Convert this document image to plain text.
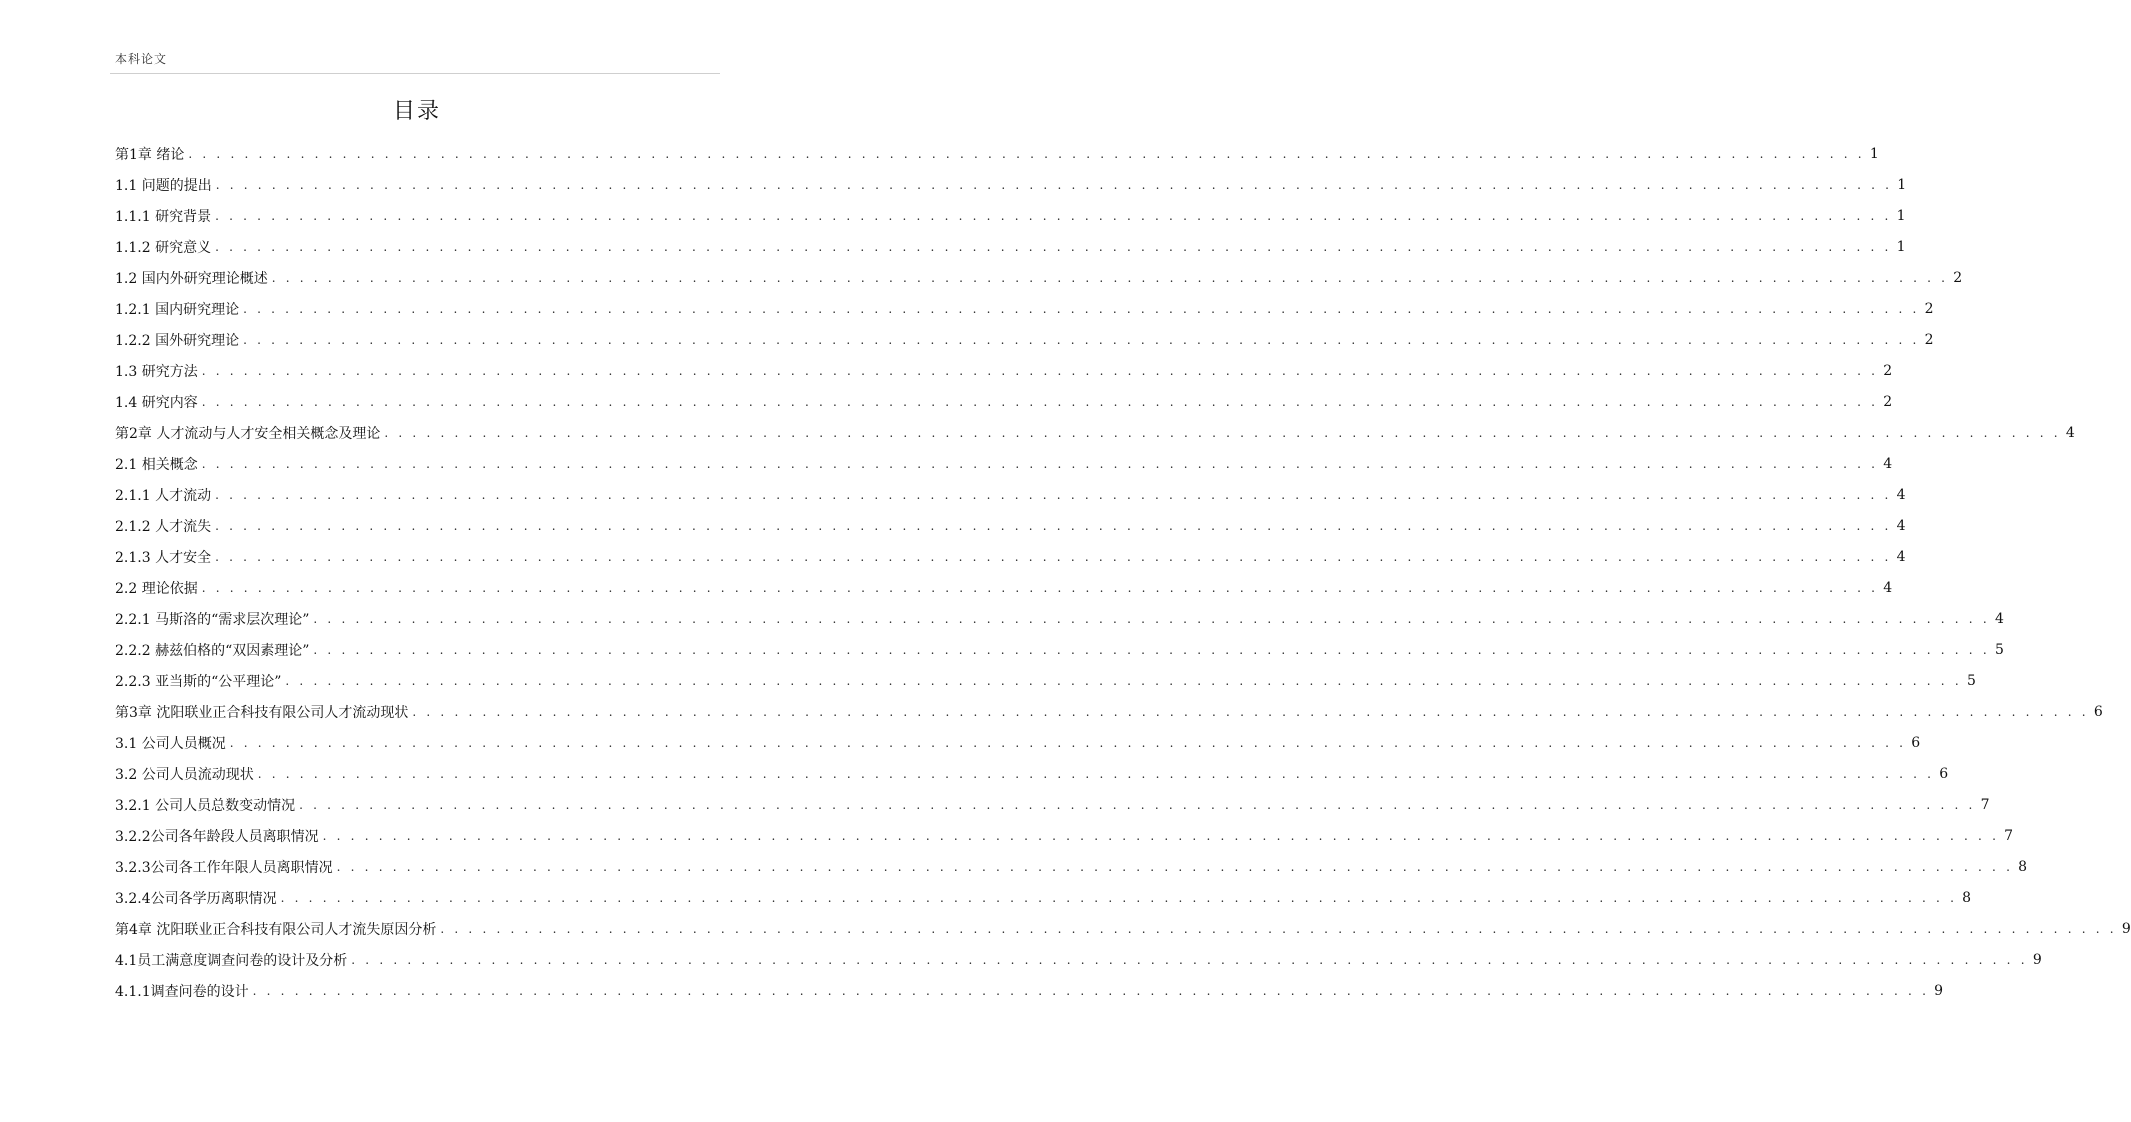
本科论文
目录
第1章 绪论 . . . . . . . . . . . . . . . . . . . . . . . . . . . . . . . . . . . . . . . . . . . . . . . . . . . . . . . . . . . . . . . . . . . . . . . . . . . . . . . . . . . . . . . . . . . . . . . . . . . . . . . . . . . . . . . . . . . . . . . . 1
1.1 问题的提出 . . . . . . . . . . . . . . . . . . . . . . . . . . . . . . . . . . . . . . . . . . . . . . . . . . . . . . . . . . . . . . . . . . . . . . . . . . . . . . . . . . . . . . . . . . . . . . . . . . . . . . . . . . . . . . . . . . . . . . . . 1
1.1.1 研究背景 . . . . . . . . . . . . . . . . . . . . . . . . . . . . . . . . . . . . . . . . . . . . . . . . . . . . . . . . . . . . . . . . . . . . . . . . . . . . . . . . . . . . . . . . . . . . . . . . . . . . . . . . . . . . . . . . . . . . . . . . 1
1.1.2 研究意义 . . . . . . . . . . . . . . . . . . . . . . . . . . . . . . . . . . . . . . . . . . . . . . . . . . . . . . . . . . . . . . . . . . . . . . . . . . . . . . . . . . . . . . . . . . . . . . . . . . . . . . . . . . . . . . . . . . . . . . . . 1
1.2 国内外研究理论概述 . . . . . . . . . . . . . . . . . . . . . . . . . . . . . . . . . . . . . . . . . . . . . . . . . . . . . . . . . . . . . . . . . . . . . . . . . . . . . . . . . . . . . . . . . . . . . . . . . . . . . . . . . . . . . . . . . . . . . . . . 2
1.2.1 国内研究理论 . . . . . . . . . . . . . . . . . . . . . . . . . . . . . . . . . . . . . . . . . . . . . . . . . . . . . . . . . . . . . . . . . . . . . . . . . . . . . . . . . . . . . . . . . . . . . . . . . . . . . . . . . . . . . . . . . . . . . . . . 2
1.2.2 国外研究理论 . . . . . . . . . . . . . . . . . . . . . . . . . . . . . . . . . . . . . . . . . . . . . . . . . . . . . . . . . . . . . . . . . . . . . . . . . . . . . . . . . . . . . . . . . . . . . . . . . . . . . . . . . . . . . . . . . . . . . . . . 2
1.3 研究方法 . . . . . . . . . . . . . . . . . . . . . . . . . . . . . . . . . . . . . . . . . . . . . . . . . . . . . . . . . . . . . . . . . . . . . . . . . . . . . . . . . . . . . . . . . . . . . . . . . . . . . . . . . . . . . . . . . . . . . . . . 2
1.4 研究内容 . . . . . . . . . . . . . . . . . . . . . . . . . . . . . . . . . . . . . . . . . . . . . . . . . . . . . . . . . . . . . . . . . . . . . . . . . . . . . . . . . . . . . . . . . . . . . . . . . . . . . . . . . . . . . . . . . . . . . . . . 2
第2章 人才流动与人才安全相关概念及理论 . . . . . . . . . . . . . . . . . . . . . . . . . . . . . . . . . . . . . . . . . . . . . . . . . . . . . . . . . . . . . . . . . . . . . . . . . . . . . . . . . . . . . . . . . . . . . . . . . . . . . . . . . . . . . . . . . . . . . . . . 4
2.1 相关概念 . . . . . . . . . . . . . . . . . . . . . . . . . . . . . . . . . . . . . . . . . . . . . . . . . . . . . . . . . . . . . . . . . . . . . . . . . . . . . . . . . . . . . . . . . . . . . . . . . . . . . . . . . . . . . . . . . . . . . . . . 4
2.1.1 人才流动 . . . . . . . . . . . . . . . . . . . . . . . . . . . . . . . . . . . . . . . . . . . . . . . . . . . . . . . . . . . . . . . . . . . . . . . . . . . . . . . . . . . . . . . . . . . . . . . . . . . . . . . . . . . . . . . . . . . . . . . . 4
2.1.2 人才流失 . . . . . . . . . . . . . . . . . . . . . . . . . . . . . . . . . . . . . . . . . . . . . . . . . . . . . . . . . . . . . . . . . . . . . . . . . . . . . . . . . . . . . . . . . . . . . . . . . . . . . . . . . . . . . . . . . . . . . . . . 4
2.1.3 人才安全 . . . . . . . . . . . . . . . . . . . . . . . . . . . . . . . . . . . . . . . . . . . . . . . . . . . . . . . . . . . . . . . . . . . . . . . . . . . . . . . . . . . . . . . . . . . . . . . . . . . . . . . . . . . . . . . . . . . . . . . . 4
2.2 理论依据 . . . . . . . . . . . . . . . . . . . . . . . . . . . . . . . . . . . . . . . . . . . . . . . . . . . . . . . . . . . . . . . . . . . . . . . . . . . . . . . . . . . . . . . . . . . . . . . . . . . . . . . . . . . . . . . . . . . . . . . . 4
2.2.1 马斯洛的“需求层次理论” . . . . . . . . . . . . . . . . . . . . . . . . . . . . . . . . . . . . . . . . . . . . . . . . . . . . . . . . . . . . . . . . . . . . . . . . . . . . . . . . . . . . . . . . . . . . . . . . . . . . . . . . . . . . . . . . . . . . . . . . 4
2.2.2 赫兹伯格的“双因素理论” . . . . . . . . . . . . . . . . . . . . . . . . . . . . . . . . . . . . . . . . . . . . . . . . . . . . . . . . . . . . . . . . . . . . . . . . . . . . . . . . . . . . . . . . . . . . . . . . . . . . . . . . . . . . . . . . . . . . . . . . 5
2.2.3 亚当斯的“公平理论” . . . . . . . . . . . . . . . . . . . . . . . . . . . . . . . . . . . . . . . . . . . . . . . . . . . . . . . . . . . . . . . . . . . . . . . . . . . . . . . . . . . . . . . . . . . . . . . . . . . . . . . . . . . . . . . . . . . . . . . . 5
第3章 沈阳联业正合科技有限公司人才流动现状 . . . . . . . . . . . . . . . . . . . . . . . . . . . . . . . . . . . . . . . . . . . . . . . . . . . . . . . . . . . . . . . . . . . . . . . . . . . . . . . . . . . . . . . . . . . . . . . . . . . . . . . . . . . . . . . . . . . . . . . . 6
3.1 公司人员概况 . . . . . . . . . . . . . . . . . . . . . . . . . . . . . . . . . . . . . . . . . . . . . . . . . . . . . . . . . . . . . . . . . . . . . . . . . . . . . . . . . . . . . . . . . . . . . . . . . . . . . . . . . . . . . . . . . . . . . . . . 6
3.2 公司人员流动现状 . . . . . . . . . . . . . . . . . . . . . . . . . . . . . . . . . . . . . . . . . . . . . . . . . . . . . . . . . . . . . . . . . . . . . . . . . . . . . . . . . . . . . . . . . . . . . . . . . . . . . . . . . . . . . . . . . . . . . . . . 6
3.2.1 公司人员总数变动情况 . . . . . . . . . . . . . . . . . . . . . . . . . . . . . . . . . . . . . . . . . . . . . . . . . . . . . . . . . . . . . . . . . . . . . . . . . . . . . . . . . . . . . . . . . . . . . . . . . . . . . . . . . . . . . . . . . . . . . . . . 7
3.2.2公司各年龄段人员离职情况 . . . . . . . . . . . . . . . . . . . . . . . . . . . . . . . . . . . . . . . . . . . . . . . . . . . . . . . . . . . . . . . . . . . . . . . . . . . . . . . . . . . . . . . . . . . . . . . . . . . . . . . . . . . . . . . . . . . . . . . . 7
3.2.3公司各工作年限人员离职情况 . . . . . . . . . . . . . . . . . . . . . . . . . . . . . . . . . . . . . . . . . . . . . . . . . . . . . . . . . . . . . . . . . . . . . . . . . . . . . . . . . . . . . . . . . . . . . . . . . . . . . . . . . . . . . . . . . . . . . . . . 8
3.2.4公司各学历离职情况 . . . . . . . . . . . . . . . . . . . . . . . . . . . . . . . . . . . . . . . . . . . . . . . . . . . . . . . . . . . . . . . . . . . . . . . . . . . . . . . . . . . . . . . . . . . . . . . . . . . . . . . . . . . . . . . . . . . . . . . . 8
第4章 沈阳联业正合科技有限公司人才流失原因分析 . . . . . . . . . . . . . . . . . . . . . . . . . . . . . . . . . . . . . . . . . . . . . . . . . . . . . . . . . . . . . . . . . . . . . . . . . . . . . . . . . . . . . . . . . . . . . . . . . . . . . . . . . . . . . . . . . . . . . . . . 9
4.1员工满意度调查问卷的设计及分析 . . . . . . . . . . . . . . . . . . . . . . . . . . . . . . . . . . . . . . . . . . . . . . . . . . . . . . . . . . . . . . . . . . . . . . . . . . . . . . . . . . . . . . . . . . . . . . . . . . . . . . . . . . . . . . . . . . . . . . . . 9
4.1.1调查问卷的设计 . . . . . . . . . . . . . . . . . . . . . . . . . . . . . . . . . . . . . . . . . . . . . . . . . . . . . . . . . . . . . . . . . . . . . . . . . . . . . . . . . . . . . . . . . . . . . . . . . . . . . . . . . . . . . . . . . . . . . . . . 9
